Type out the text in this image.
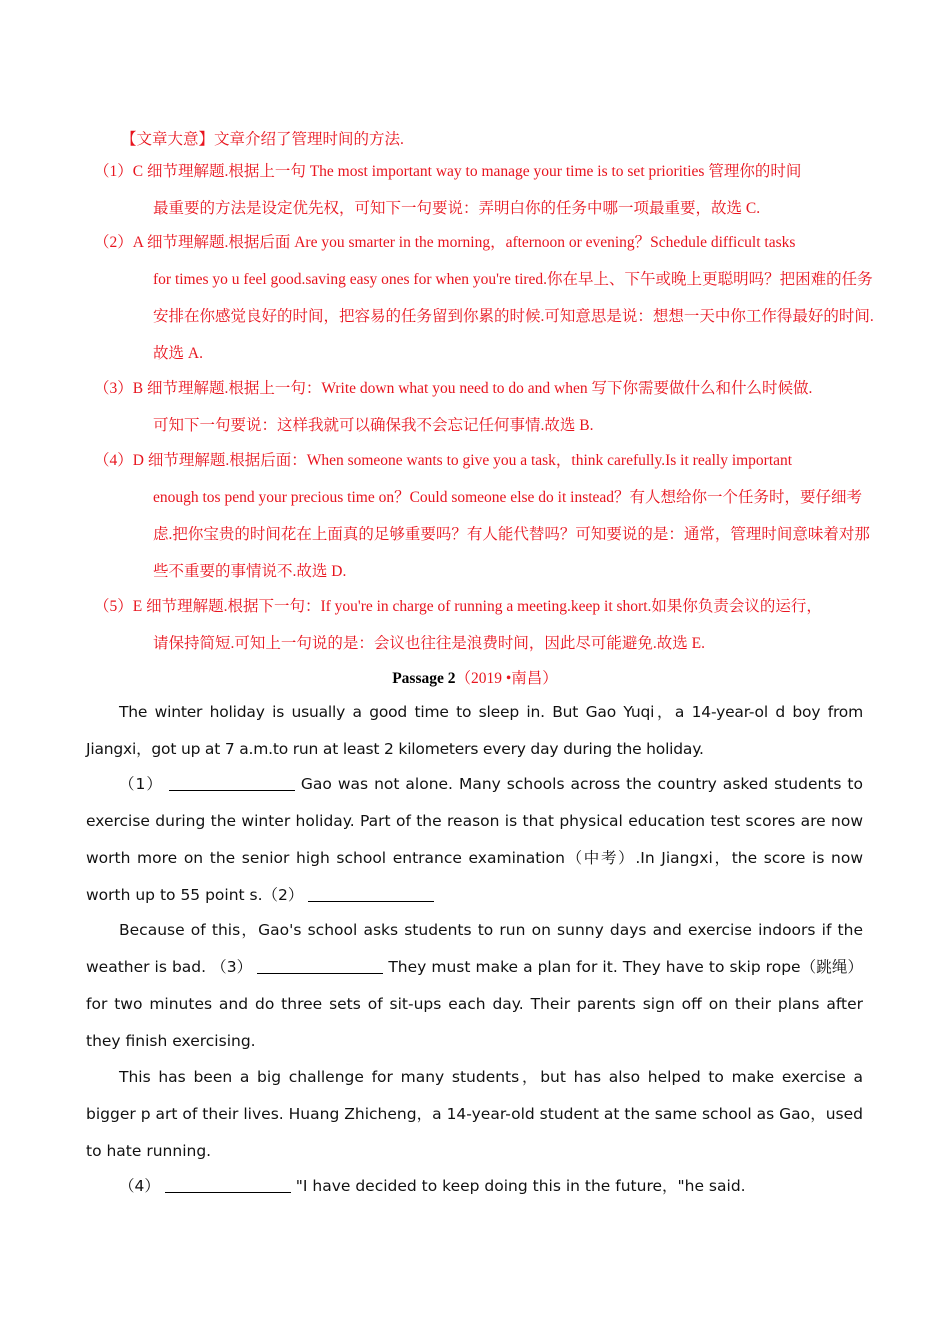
【文章大意】文章介绍了管理时间的方法.
（1）C 细节理解题.根据上一句 The most important way to manage your time is to set priorities 管理你的时间
最重要的方法是设定优先权，可知下一句要说：弄明白你的任务中哪一项最重要，故选 C.
（2）A 细节理解题.根据后面 Are you smarter in the morning，afternoon or evening？Schedule difficult tasks
for times yo u feel good.saving easy ones for when you're tired.你在早上、下午或晚上更聪明吗？把困难的任务安排在你感觉良好的时间，把容易的任务留到你累的时候.可知意思是说：想想一天中你工作得最好的时间.故选 A.
（3）B 细节理解题.根据上一句：Write down what you need to do and when 写下你需要做什么和什么时候做.
可知下一句要说：这样我就可以确保我不会忘记任何事情.故选 B.
（4）D 细节理解题.根据后面：When someone wants to give you a task，think carefully.Is it really important
enough tos pend your precious time on？Could someone else do it instead？有人想给你一个任务时，要仔细考虑.把你宝贵的时间花在上面真的足够重要吗？有人能代替吗？可知要说的是：通常，管理时间意味着对那些不重要的事情说不.故选 D.
（5）E 细节理解题.根据下一句：If you're in charge of running a meeting.keep it short.如果你负责会议的运行，
请保持简短.可知上一句说的是：会议也往往是浪费时间，因此尽可能避免.故选 E.
Passage 2（2019 •南昌）

The winter holiday is usually a good time to sleep in. But Gao Yuqi，a 14-year-ol d boy from Jiangxi，got up at 7 a.m.to run at least 2 kilometers every day during the holiday.

（1）	Gao was not alone. Many schools across the country asked students to exercise during the winter holiday. Part of the reason is that physical education test scores are now worth more on the senior high school entrance examination（中考）.In Jiangxi，the score is now worth up to 55 point s.（2）

Because of this，Gao's school asks students to run on sunny days and exercise indoors if the weather is bad. （3）	They must make a plan for it. They have to skip rope（跳绳）for two minutes and do three sets of sit-ups each day. Their parents sign off on their plans after they finish exercising.

This has been a big challenge for many students，but has also helped to make exercise a bigger p art of their lives. Huang Zhicheng，a 14-year-old student at the same school as Gao，used to hate running.

（4）	"I have decided to keep doing this in the future，"he said.
